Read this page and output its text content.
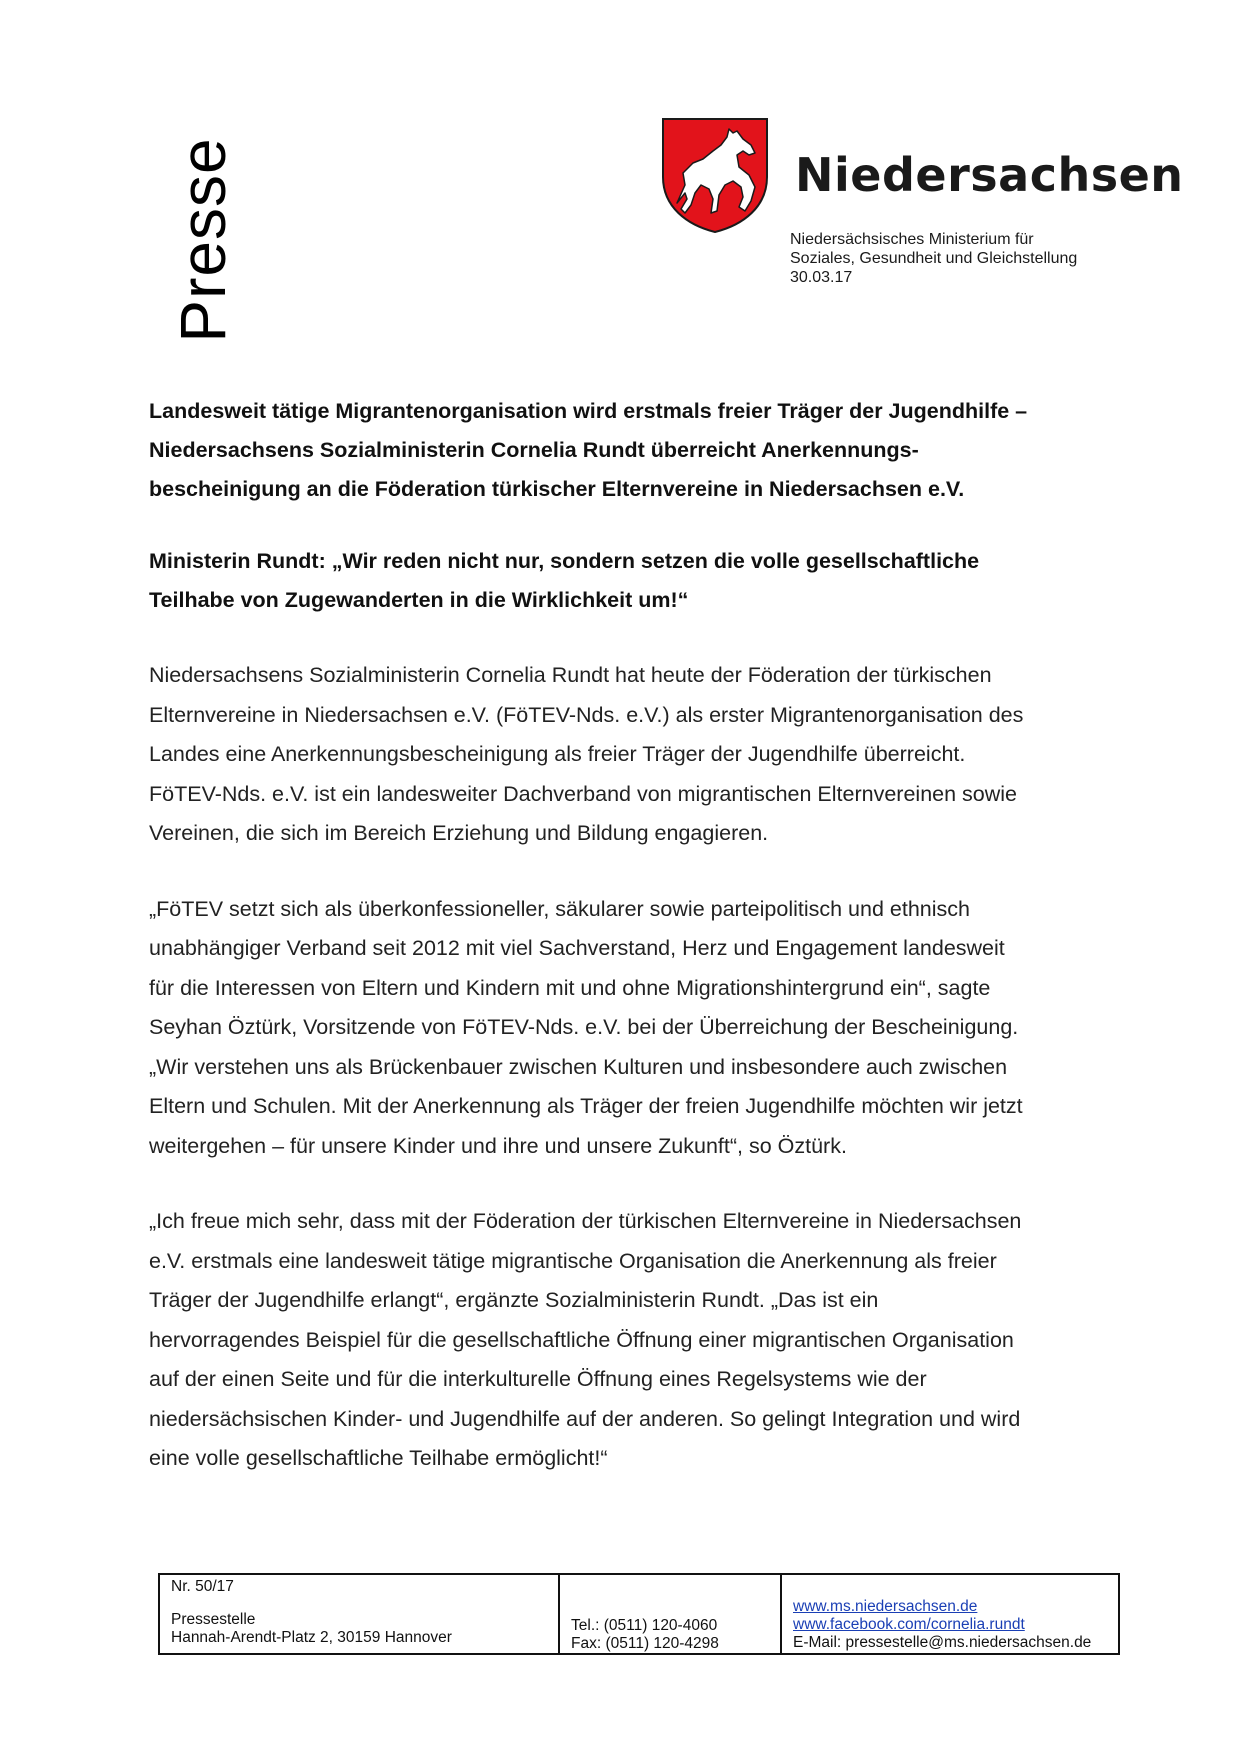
Presse	Niedersachsen
Niedersächsisches Ministerium für
Soziales, Gesundheit und Gleichstellung
30.03.17

Landesweit tätige Migrantenorganisation wird erstmals freier Träger der Jugendhilfe –
Niedersachsens Sozialministerin Cornelia Rundt überreicht Anerkennungs-
bescheinigung an die Föderation türkischer Elternvereine in Niedersachsen e.V.

Ministerin Rundt: „Wir reden nicht nur, sondern setzen die volle gesellschaftliche
Teilhabe von Zugewanderten in die Wirklichkeit um!“

Niedersachsens Sozialministerin Cornelia Rundt hat heute der Föderation der türkischen
Elternvereine in Niedersachsen e.V. (FöTEV-Nds. e.V.) als erster Migrantenorganisation des
Landes eine Anerkennungsbescheinigung als freier Träger der Jugendhilfe überreicht.
FöTEV-Nds. e.V. ist ein landesweiter Dachverband von migrantischen Elternvereinen sowie
Vereinen, die sich im Bereich Erziehung und Bildung engagieren.

„FöTEV setzt sich als überkonfessioneller, säkularer sowie parteipolitisch und ethnisch
unabhängiger Verband seit 2012 mit viel Sachverstand, Herz und Engagement landesweit
für die Interessen von Eltern und Kindern mit und ohne Migrationshintergrund ein“, sagte
Seyhan Öztürk, Vorsitzende von FöTEV-Nds. e.V. bei der Überreichung der Bescheinigung.
„Wir verstehen uns als Brückenbauer zwischen Kulturen und insbesondere auch zwischen
Eltern und Schulen. Mit der Anerkennung als Träger der freien Jugendhilfe möchten wir jetzt
weitergehen – für unsere Kinder und ihre und unsere Zukunft“, so Öztürk.

„Ich freue mich sehr, dass mit der Föderation der türkischen Elternvereine in Niedersachsen
e.V. erstmals eine landesweit tätige migrantische Organisation die Anerkennung als freier
Träger der Jugendhilfe erlangt“, ergänzte Sozialministerin Rundt. „Das ist ein
hervorragendes Beispiel für die gesellschaftliche Öffnung einer migrantischen Organisation
auf der einen Seite und für die interkulturelle Öffnung eines Regelsystems wie der
niedersächsischen Kinder- und Jugendhilfe auf der anderen. So gelingt Integration und wird
eine volle gesellschaftliche Teilhabe ermöglicht!“

Nr. 50/17
Pressestelle
Hannah-Arendt-Platz 2, 30159 Hannover
Tel.: (0511) 120-4060
Fax: (0511) 120-4298
www.ms.niedersachsen.de
www.facebook.com/cornelia.rundt
E-Mail: pressestelle@ms.niedersachsen.de
